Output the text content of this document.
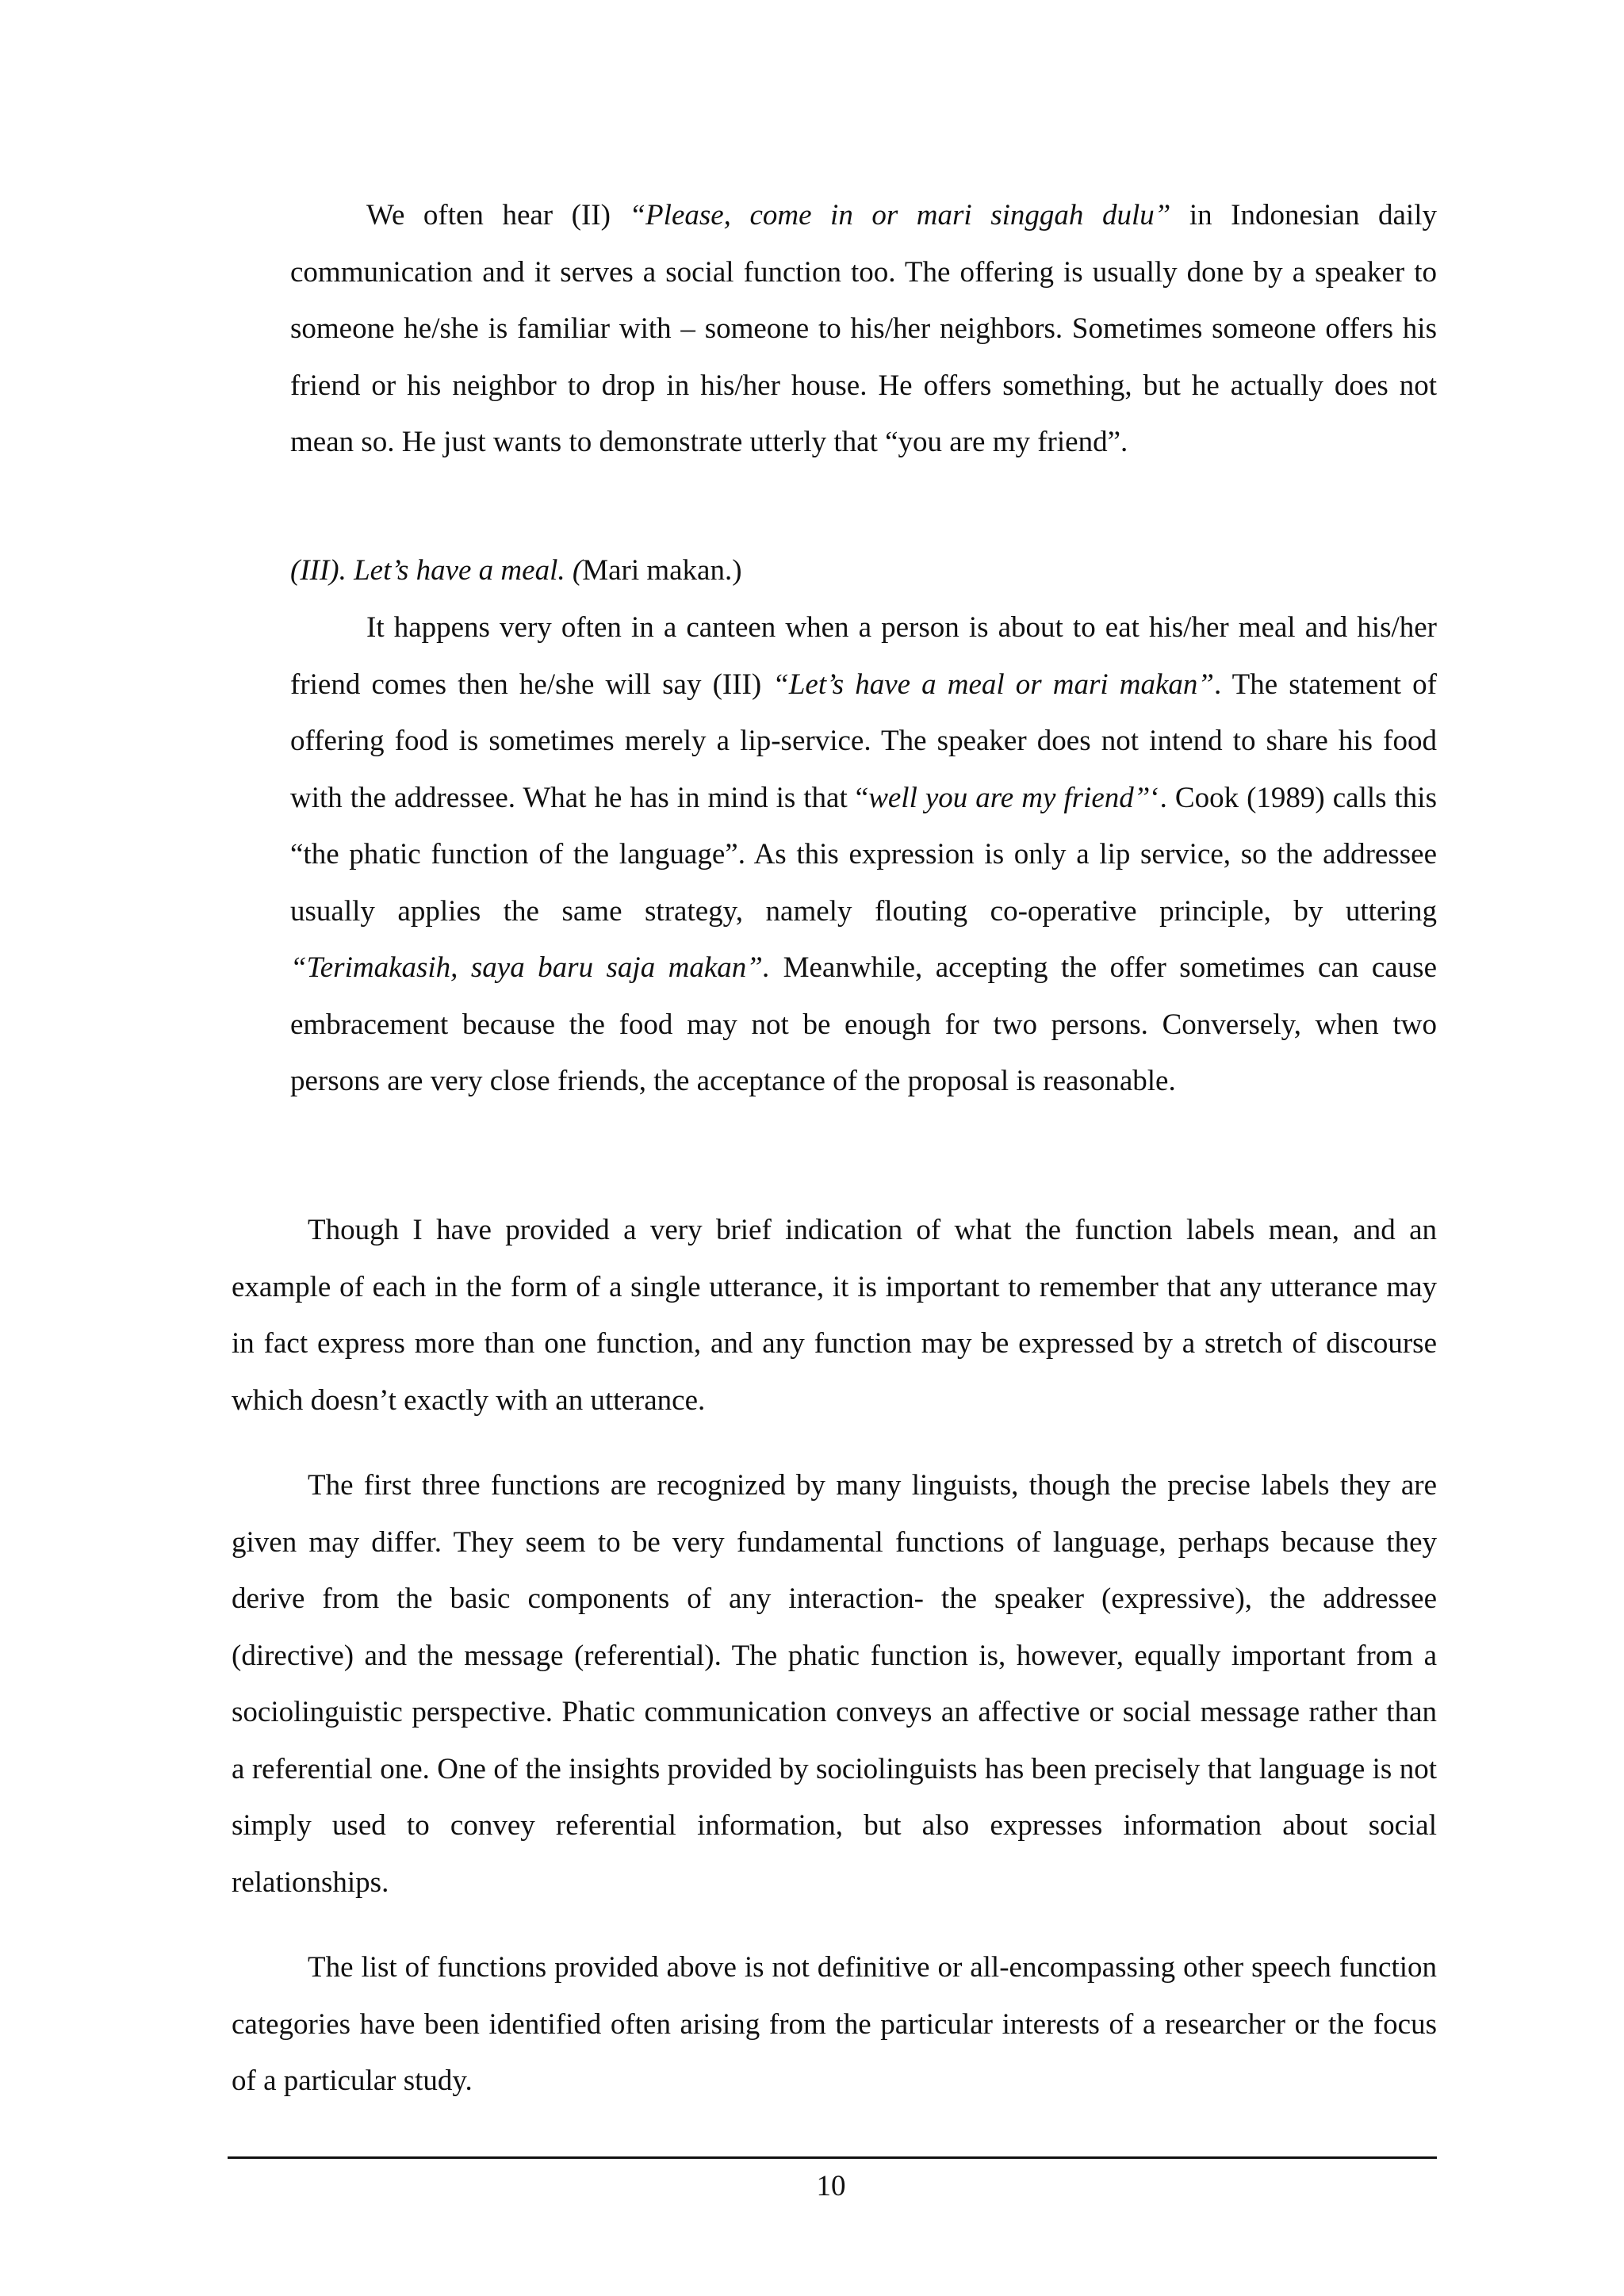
We often hear (II) “Please, come in or mari singgah dulu” in Indonesian daily communication and it serves a social function too. The offering is usually done by a speaker to someone he/she is familiar with – someone to his/her neighbors. Sometimes someone offers his friend or his neighbor to drop in his/her house. He offers something, but he actually does not mean so. He just wants to demonstrate utterly that “you are my friend”.

(III). Let’s have a meal. (Mari makan.)

It happens very often in a canteen when a person is about to eat his/her meal and his/her friend comes then he/she will say (III) “Let’s have a meal or mari makan”. The statement of offering food is sometimes merely a lip-service. The speaker does not intend to share his food with the addressee. What he has in mind is that “well you are my friend”‘. Cook (1989) calls this “the phatic function of the language”. As this expression is only a lip service, so the addressee usually applies the same strategy, namely flouting co-operative principle, by uttering “Terimakasih, saya baru saja makan”. Meanwhile, accepting the offer sometimes can cause embracement because the food may not be enough for two persons. Conversely, when two persons are very close friends, the acceptance of the proposal is reasonable.

Though I have provided a very brief indication of what the function labels mean, and an example of each in the form of a single utterance, it is important to remember that any utterance may in fact express more than one function, and any function may be expressed by a stretch of discourse which doesn’t exactly with an utterance.

The first three functions are recognized by many linguists, though the precise labels they are given may differ. They seem to be very fundamental functions of language, perhaps because they derive from the basic components of any interaction- the speaker (expressive), the addressee (directive) and the message (referential). The phatic function is, however, equally important from a sociolinguistic perspective. Phatic communication conveys an affective or social message rather than a referential one. One of the insights provided by sociolinguists has been precisely that language is not simply used to convey referential information, but also expresses information about social relationships.

The list of functions provided above is not definitive or all-encompassing other speech function categories have been identified often arising from the particular interests of a researcher or the focus of a particular study.

10
